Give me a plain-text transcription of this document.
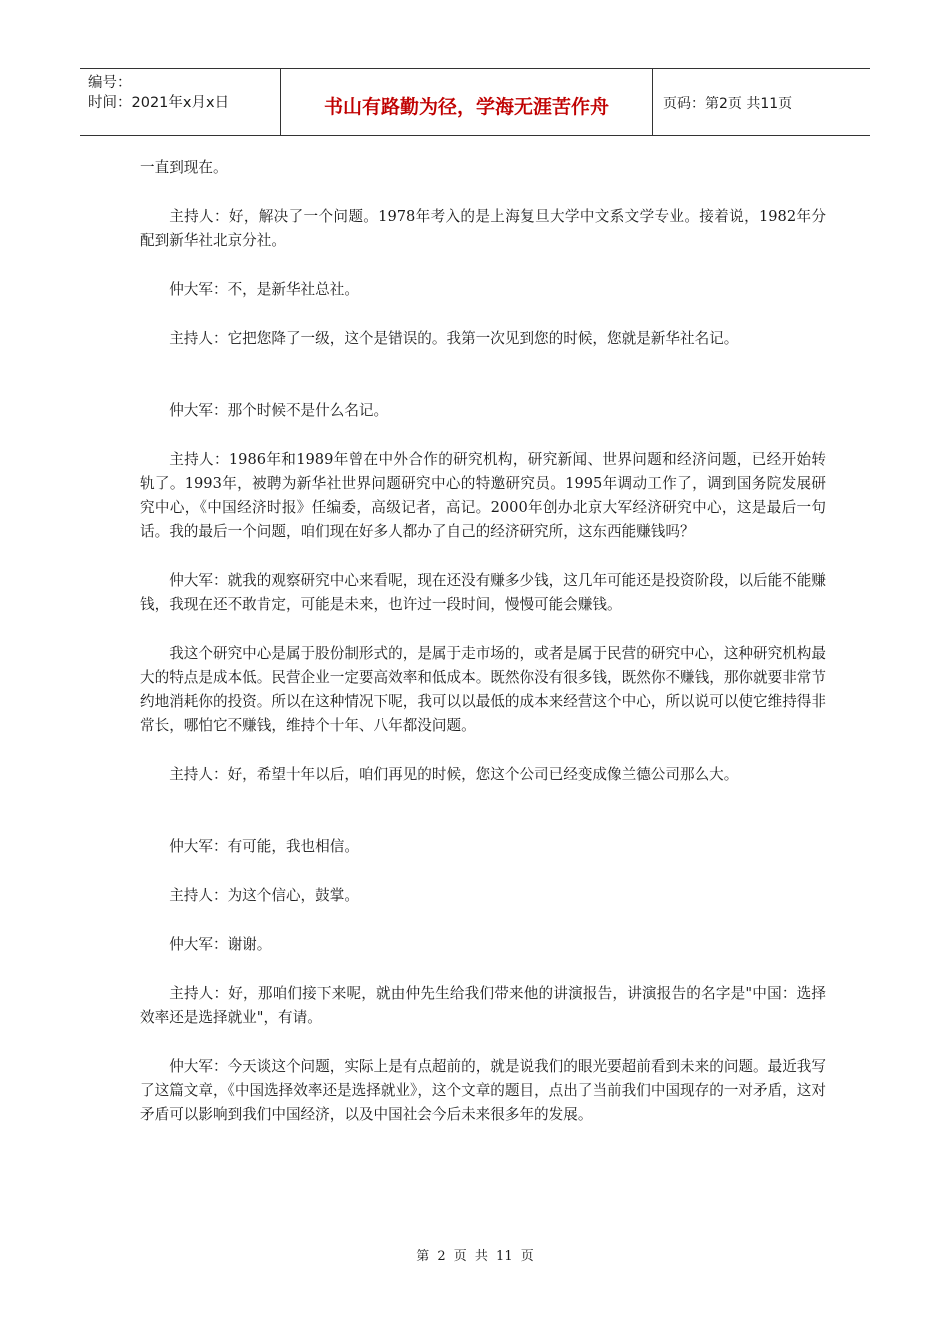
编号：
时间：2021年x月x日	书山有路勤为径，学海无涯苦作舟	页码：第2页 共11页

一直到现在。

主持人：好，解决了一个问题。1978年考入的是上海复旦大学中文系文学专业。接着说，1982年分配到新华社北京分社。

仲大军：不，是新华社总社。

主持人：它把您降了一级，这个是错误的。我第一次见到您的时候，您就是新华社名记。

仲大军：那个时候不是什么名记。

主持人：1986年和1989年曾在中外合作的研究机构，研究新闻、世界问题和经济问题，已经开始转轨了。1993年，被聘为新华社世界问题研究中心的特邀研究员。1995年调动工作了，调到国务院发展研究中心，《中国经济时报》任编委，高级记者，高记。2000年创办北京大军经济研究中心，这是最后一句话。我的最后一个问题，咱们现在好多人都办了自己的经济研究所，这东西能赚钱吗？

仲大军：就我的观察研究中心来看呢，现在还没有赚多少钱，这几年可能还是投资阶段，以后能不能赚钱，我现在还不敢肯定，可能是未来，也许过一段时间，慢慢可能会赚钱。

我这个研究中心是属于股份制形式的，是属于走市场的，或者是属于民营的研究中心，这种研究机构最大的特点是成本低。民营企业一定要高效率和低成本。既然你没有很多钱，既然你不赚钱，那你就要非常节约地消耗你的投资。所以在这种情况下呢，我可以以最低的成本来经营这个中心，所以说可以使它维持得非常长，哪怕它不赚钱，维持个十年、八年都没问题。

主持人：好，希望十年以后，咱们再见的时候，您这个公司已经变成像兰德公司那么大。

仲大军：有可能，我也相信。

主持人：为这个信心，鼓掌。

仲大军：谢谢。

主持人：好，那咱们接下来呢，就由仲先生给我们带来他的讲演报告，讲演报告的名字是"中国：选择效率还是选择就业"，有请。

仲大军：今天谈这个问题，实际上是有点超前的，就是说我们的眼光要超前看到未来的问题。最近我写了这篇文章，《中国选择效率还是选择就业》，这个文章的题目，点出了当前我们中国现存的一对矛盾，这对矛盾可以影响到我们中国经济，以及中国社会今后未来很多年的发展。

第 2 页 共 11 页
